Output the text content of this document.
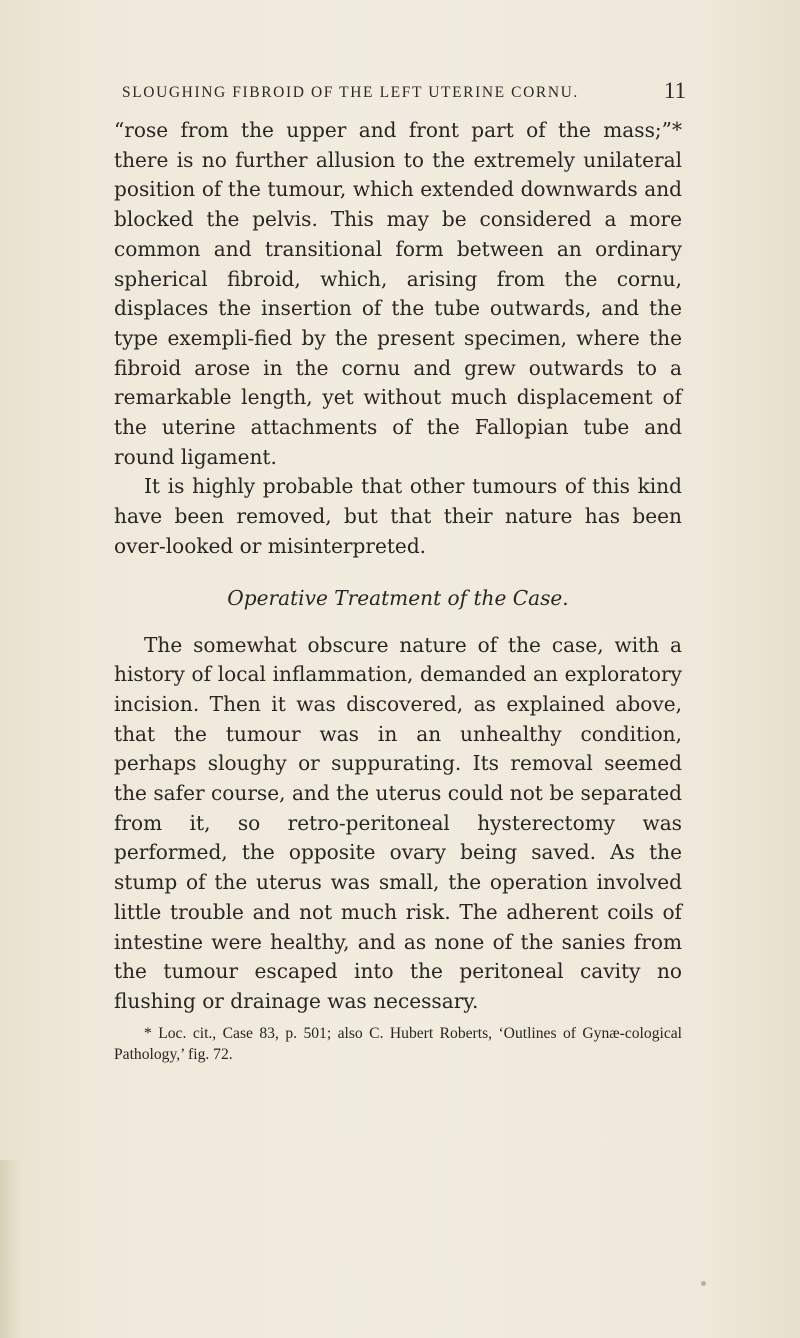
SLOUGHING FIBROID OF THE LEFT UTERINE CORNU.	11

“rose from the upper and front part of the mass;”* there is no further allusion to the extremely unilateral position of the tumour, which extended downwards and blocked the pelvis. This may be considered a more common and transitional form between an ordinary spherical fibroid, which, arising from the cornu, displaces the insertion of the tube outwards, and the type exempli-fied by the present specimen, where the fibroid arose in the cornu and grew outwards to a remarkable length, yet without much displacement of the uterine attachments of the Fallopian tube and round ligament.

It is highly probable that other tumours of this kind have been removed, but that their nature has been over-looked or misinterpreted.

Operative Treatment of the Case.

The somewhat obscure nature of the case, with a history of local inflammation, demanded an exploratory incision. Then it was discovered, as explained above, that the tumour was in an unhealthy condition, perhaps sloughy or suppurating. Its removal seemed the safer course, and the uterus could not be separated from it, so retro-peritoneal hysterectomy was performed, the opposite ovary being saved. As the stump of the uterus was small, the operation involved little trouble and not much risk. The adherent coils of intestine were healthy, and as none of the sanies from the tumour escaped into the peritoneal cavity no flushing or drainage was necessary.

* Loc. cit., Case 83, p. 501; also C. Hubert Roberts, ‘Outlines of Gynæ-cological Pathology,’ fig. 72.
